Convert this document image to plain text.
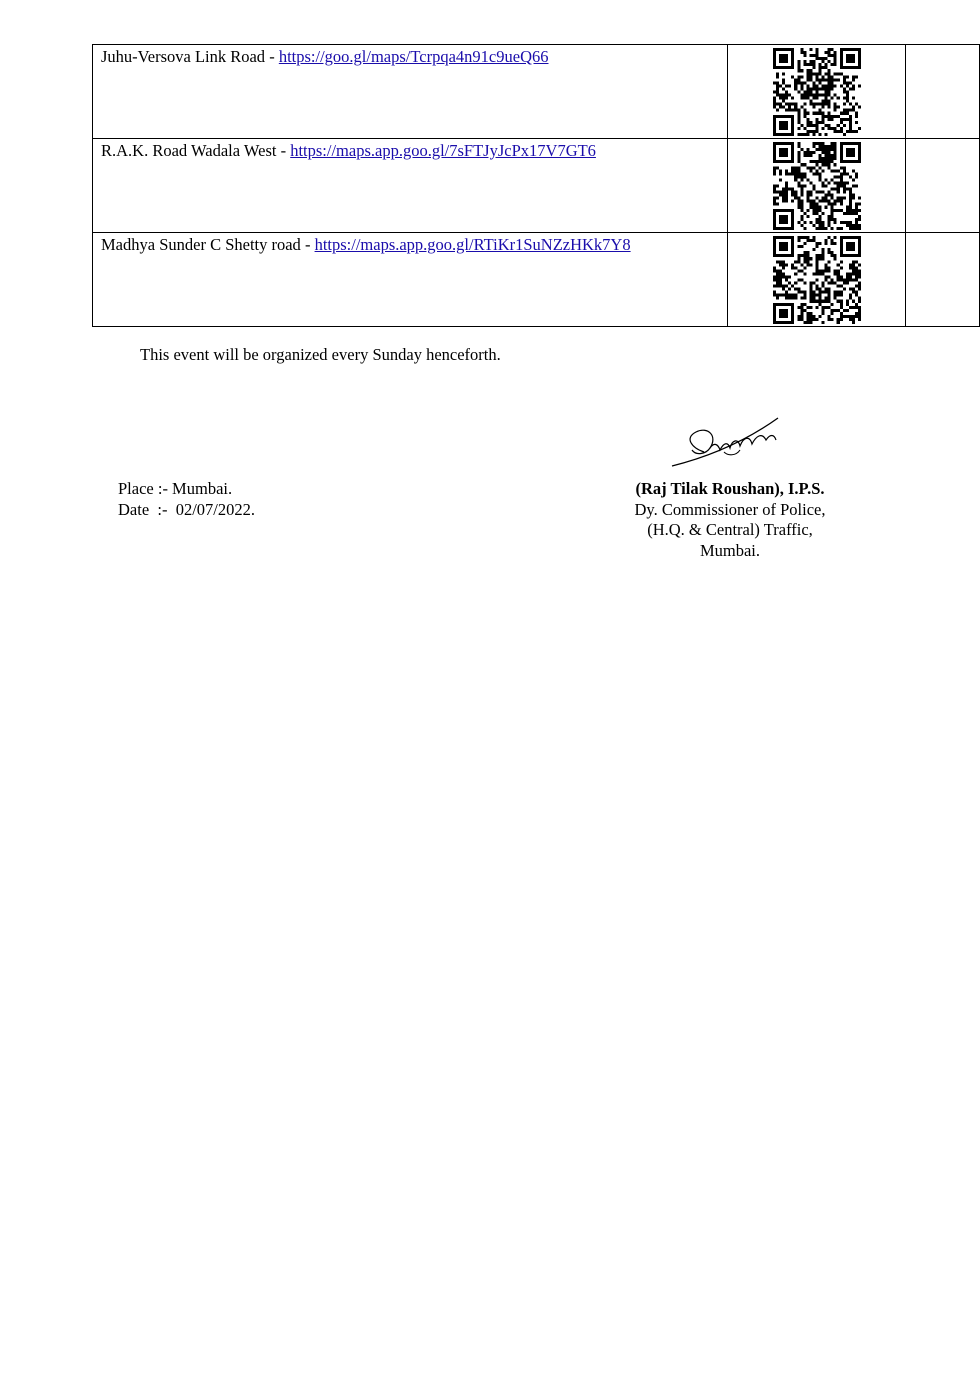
Juhu-Versova Link Road - https://goo.gl/maps/Tcrpqa4n91c9ueQ66

R.A.K. Road Wadala West - https://maps.app.goo.gl/7sFTJyJcPx17V7GT6

Madhya Sunder C Shetty road - https://maps.app.goo.gl/RTiKr1SuNZzHKk7Y8

This event will be organized every Sunday henceforth.
Place :- Mumbai.
Date  :-  02/07/2022.
(Raj Tilak Roushan), I.P.S.
Dy. Commissioner of Police,
(H.Q. & Central) Traffic,
Mumbai.
